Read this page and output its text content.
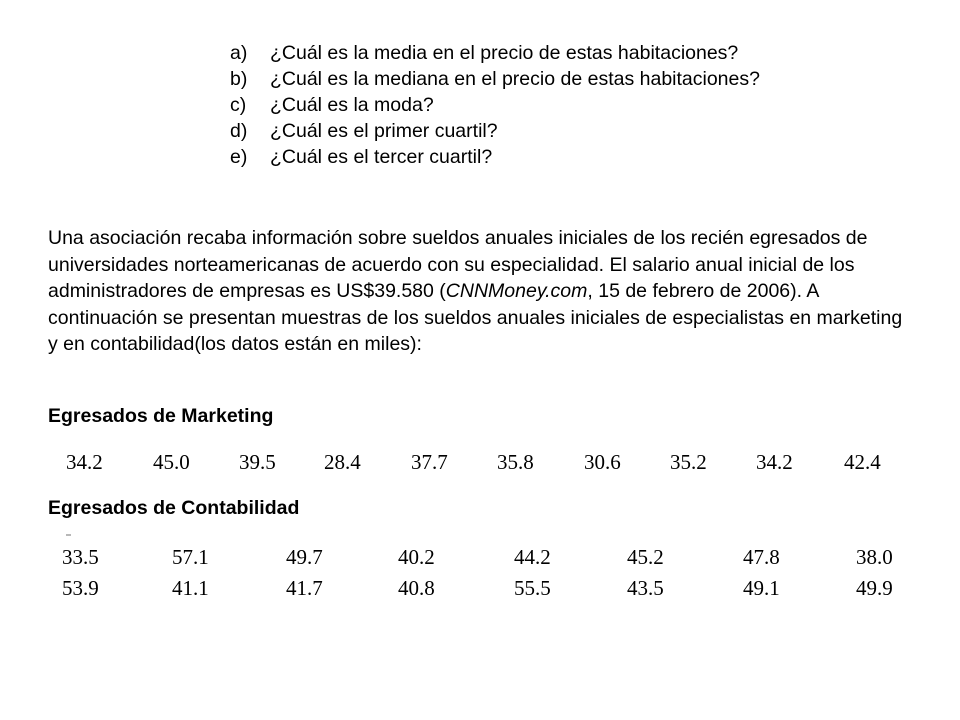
a)	¿Cuál es la media en el precio de estas habitaciones?
b)	¿Cuál es la mediana en el precio de estas habitaciones?
c)	¿Cuál es la moda?
d)	¿Cuál es el primer cuartil?
e)	¿Cuál es el tercer cuartil?

Una asociación recaba información sobre sueldos anuales iniciales de los recién egresados de universidades norteamericanas de acuerdo con su especialidad. El salario anual inicial de los administradores de empresas es US$39.580 (CNNMoney.com, 15 de febrero de 2006). A continuación se presentan muestras de los sueldos anuales iniciales de especialistas en marketing y en contabilidad(los datos están en miles):

Egresados de Marketing
34.2 45.0 39.5 28.4 37.7 35.8 30.6 35.2 34.2 42.4
Egresados de Contabilidad
33.5	57.1	49.7	40.2	44.2	45.2	47.8	38.0
53.9	41.1	41.7	40.8	55.5	43.5	49.1	49.9
